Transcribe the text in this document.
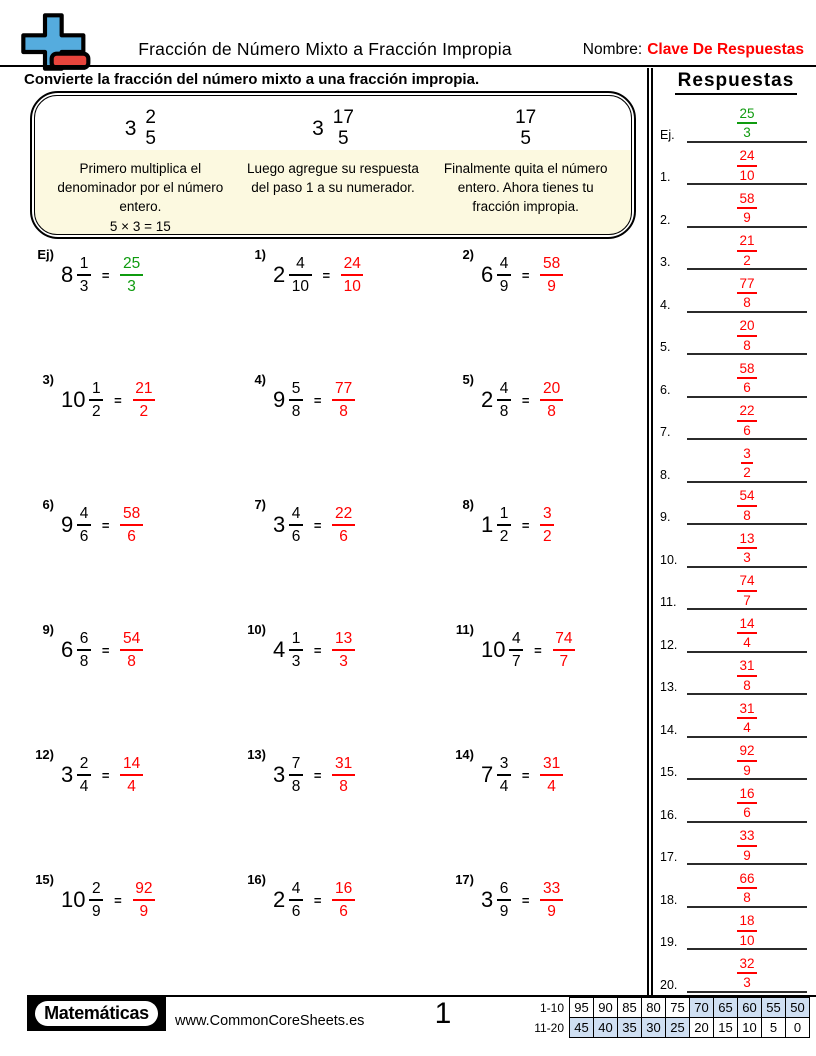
Fracción de Número Mixto a Fracción Impropia	Nombre: Clave De Respuestas
Convierte la fracción del número mixto a una fracción impropia.
3 2
5
Primero multiplica el denominador por el número entero.
5 × 3 = 15
3 17
5
Luego agregue su respuesta del paso 1 a su numerador.
17
5
Finalmente quita el número entero. Ahora tienes tu fracción impropia.
Ej)
$8 \frac{1}{3} = \frac{25}{3}$
1)
$2 \frac{4}{10} = \frac{24}{10}$
2)
$6 \frac{4}{9} = \frac{58}{9}$
3)
$10 \frac{1}{2} = \frac{21}{2}$
4)
$9 \frac{5}{8} = \frac{77}{8}$
5)
$2 \frac{4}{8} = \frac{20}{8}$
6)
$9 \frac{4}{6} = \frac{58}{6}$
7)
$3 \frac{4}{6} = \frac{22}{6}$
8)
$1 \frac{1}{2} = \frac{3}{2}$
9)
$6 \frac{6}{8} = \frac{54}{8}$
10)
$4 \frac{1}{3} = \frac{13}{3}$
11)
$10 \frac{4}{7} = \frac{74}{7}$
12)
$3 \frac{2}{4} = \frac{14}{4}$
13)
$3 \frac{7}{8} = \frac{31}{8}$
14)
$7 \frac{3}{4} = \frac{31}{4}$
15)
$10 \frac{2}{9} = \frac{92}{9}$
16)
$2 \frac{4}{6} = \frac{16}{6}$
17)
$3 \frac{6}{9} = \frac{33}{9}$
Respuestas
Ej.	$\frac{25}{3}$
1.	$\frac{24}{10}$
2.	$\frac{58}{9}$
3.	$\frac{21}{2}$
4.	$\frac{77}{8}$
5.	$\frac{20}{8}$
6.	$\frac{58}{6}$
7.	$\frac{22}{6}$
8.	$\frac{3}{2}$
9.	$\frac{54}{8}$
10.	$\frac{13}{3}$
11.	$\frac{74}{7}$
12.	$\frac{14}{4}$
13.	$\frac{31}{8}$
14.	$\frac{31}{4}$
15.	$\frac{92}{9}$
16.	$\frac{16}{6}$
17.	$\frac{33}{9}$
18.	$\frac{66}{8}$
19.	$\frac{18}{10}$
20.	$\frac{32}{3}$
Matemáticas	www.CommonCoreSheets.es	1	1-10	95	90	85	80	75	70	65	60	55	50
11-20	45	40	35	30	25	20	15	10	5	0
